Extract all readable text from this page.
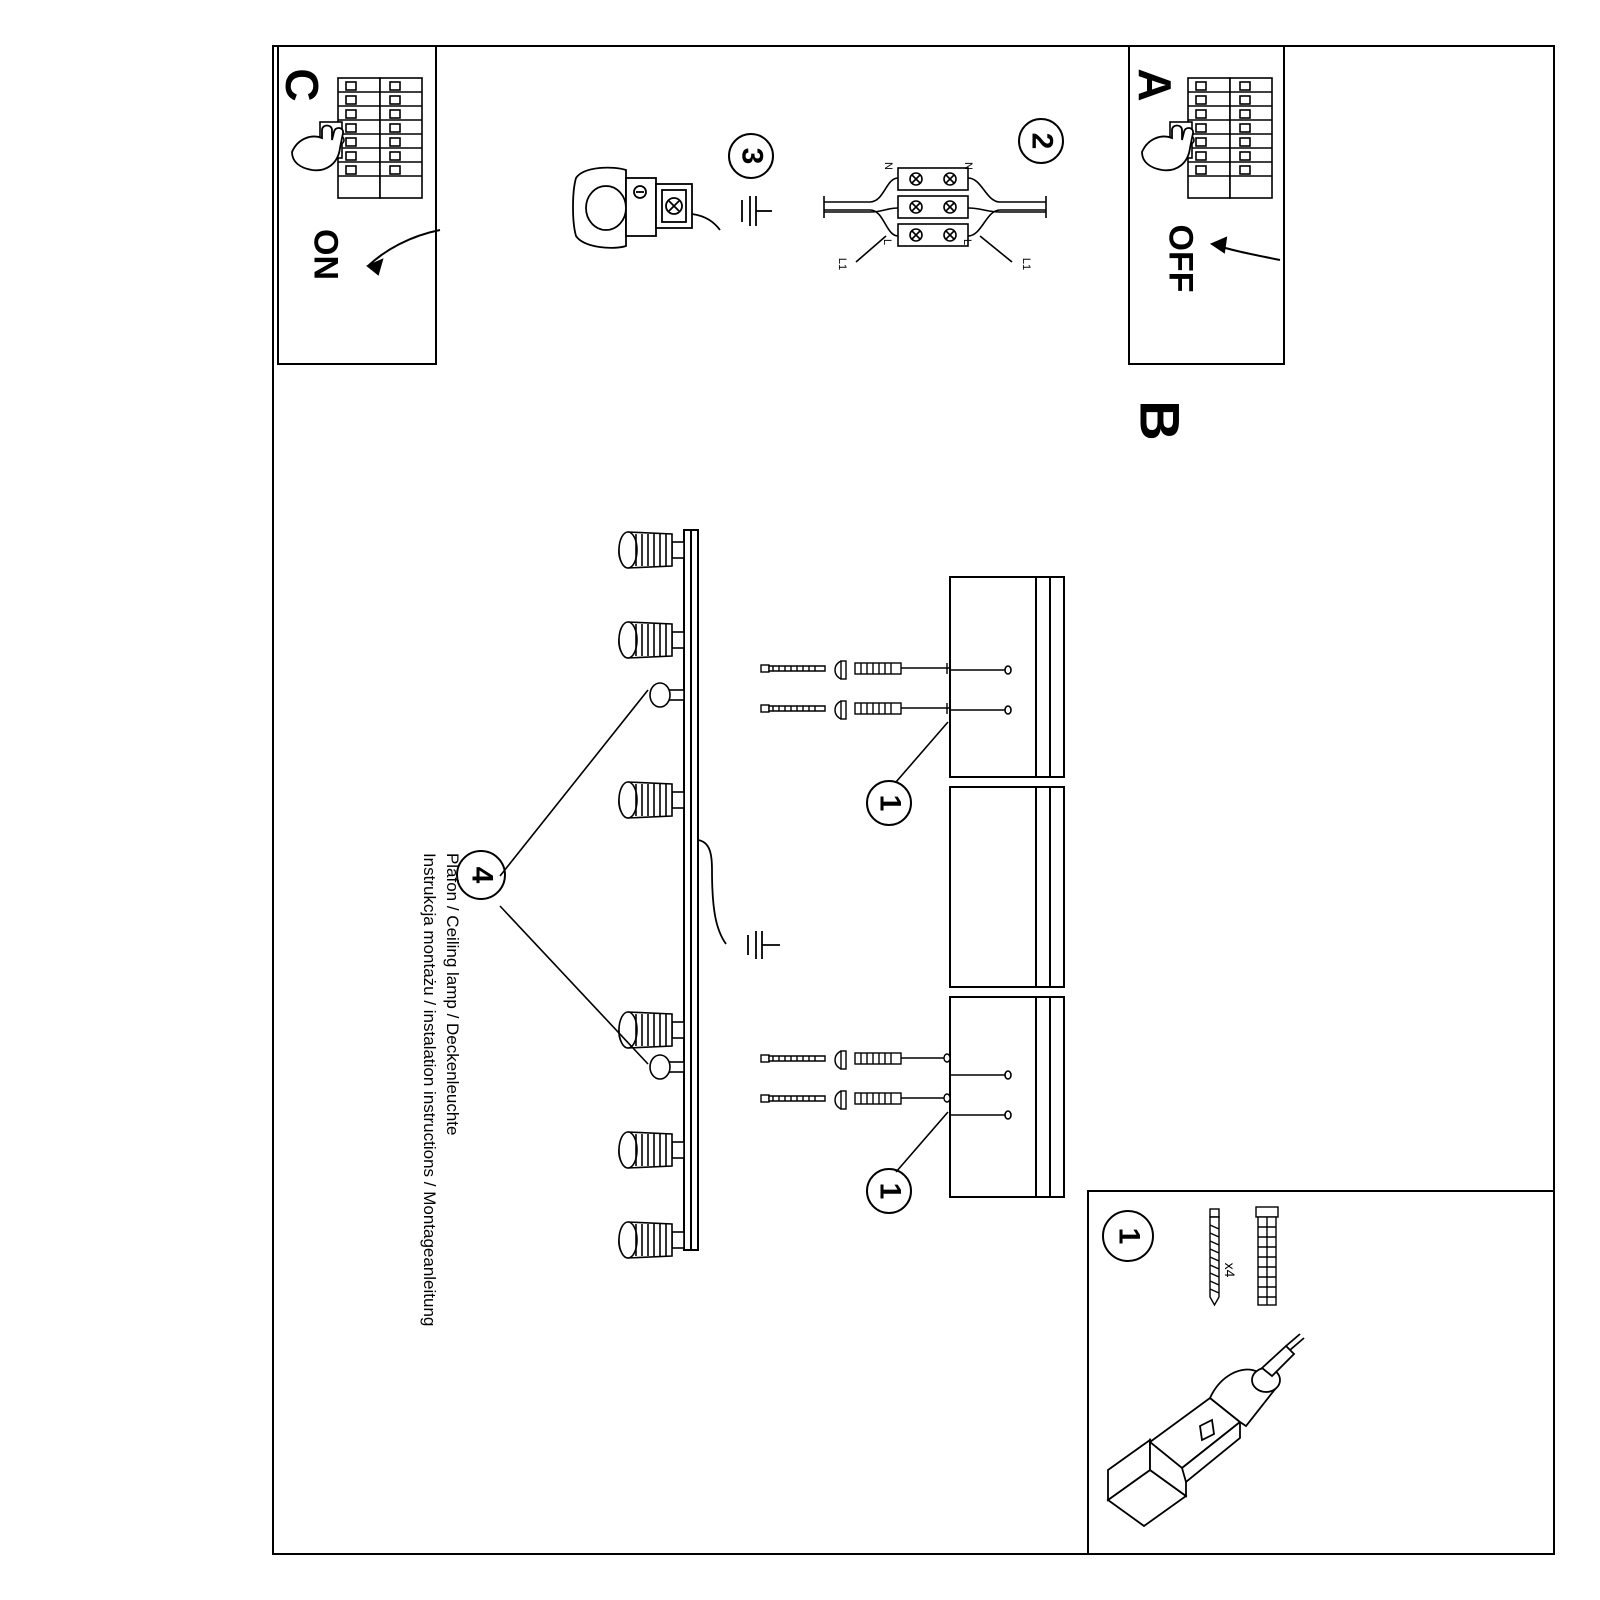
C	A
B
ON	OFF
2
N	N
L	L
L1	L1
3
4
1
1
1
x4
Plafon / Ceiling lamp / Deckenleuchte
Instrukcja montażu / instalation instructions / Montageanleitung
